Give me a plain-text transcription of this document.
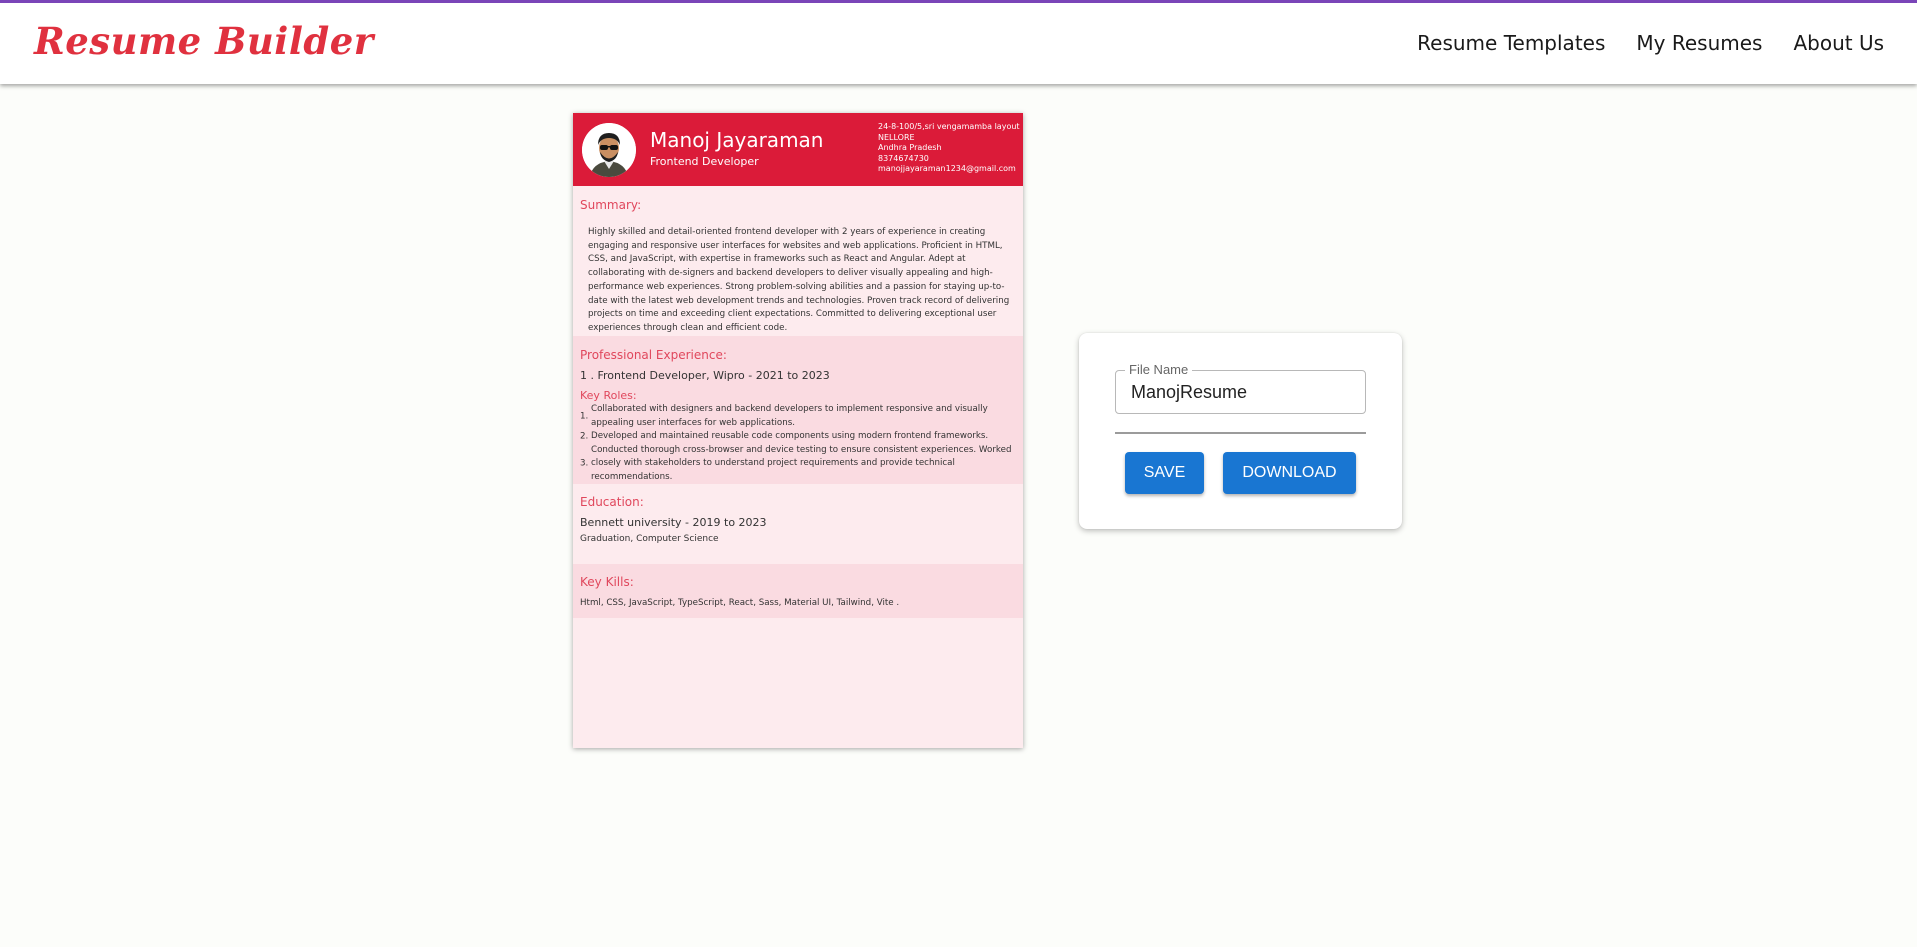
Resume Builder	Resume Templates My Resumes About Us
Manoj Jayaraman
Frontend Developer
24-8-100/5,sri vengamamba layout
NELLORE
Andhra Pradesh
8374674730
manojjayaraman1234@gmail.com
Summary:
Highly skilled and detail-oriented frontend developer with 2 years of experience in creating engaging and responsive user interfaces for websites and web applications. Proficient in HTML, CSS, and JavaScript, with expertise in frameworks such as React and Angular. Adept at collaborating with de-signers and backend developers to deliver visually appealing and high-performance web experiences. Strong problem-solving abilities and a passion for staying up-to-date with the latest web development trends and technologies. Proven track record of delivering projects on time and exceeding client expectations. Committed to delivering exceptional user experiences through clean and efficient code.
Professional Experience:
1 . Frontend Developer, Wipro - 2021 to 2023
Key Roles:
1.
Collaborated with designers and backend developers to implement responsive and visually appealing user interfaces for web applications.
2. Developed and maintained reusable code components using modern frontend frameworks.
3.
Conducted thorough cross-browser and device testing to ensure consistent experiences. Worked closely with stakeholders to understand project requirements and provide technical recommendations.
Education:
Bennett university - 2019 to 2023
Graduation, Computer Science
Key Kills:
Html, CSS, JavaScript, TypeScript, React, Sass, Material UI, Tailwind, Vite .
File Name
ManojResume
SAVE	DOWNLOAD
